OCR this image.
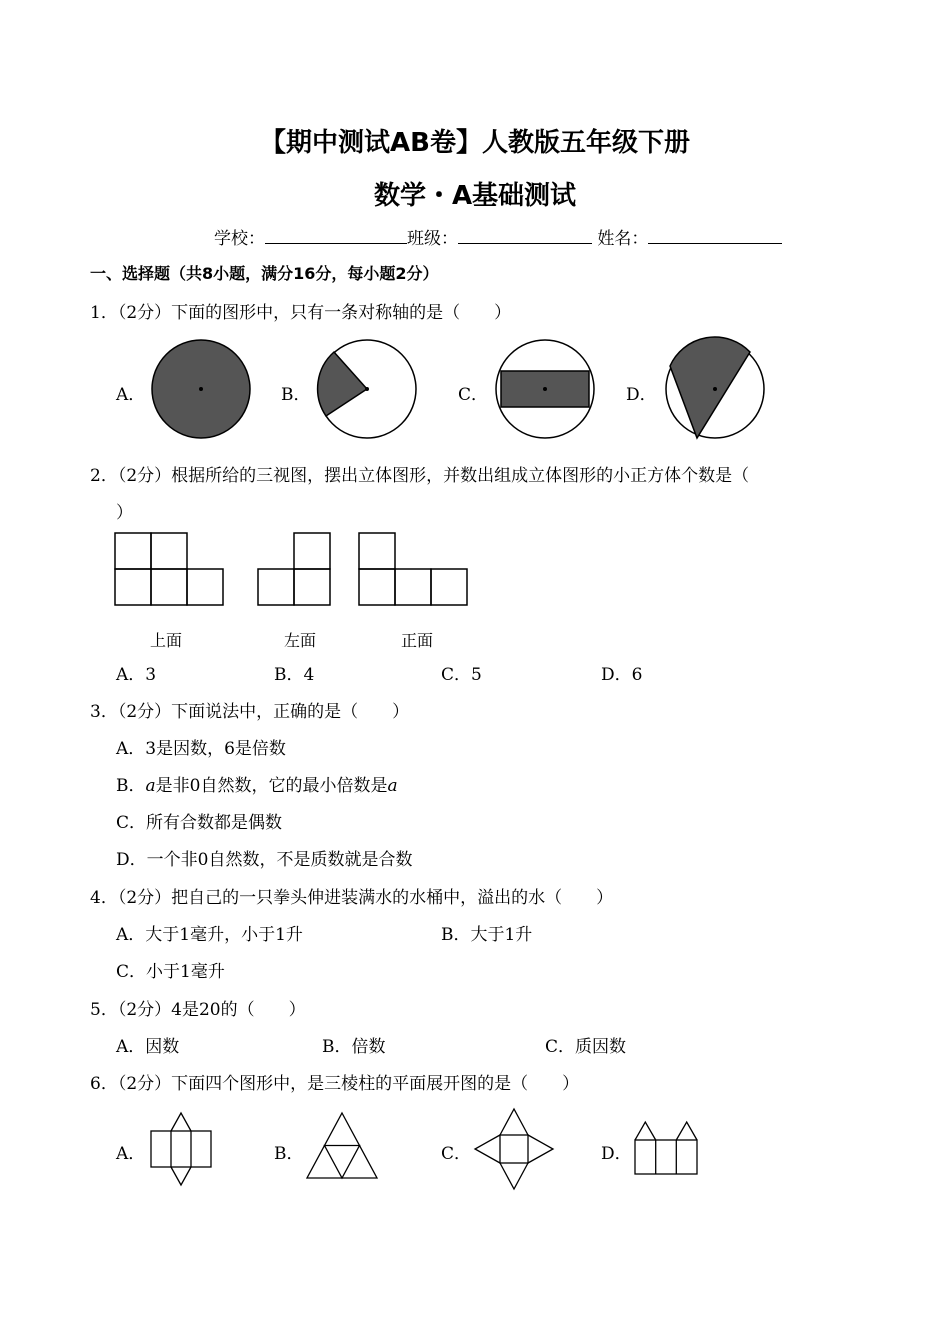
【期中测试AB卷】人教版五年级下册
数学・A基础测试
学校：	班级：	姓名：
一、选择题（共8小题，满分16分，每小题2分）
1．（2分）下面的图形中，只有一条对称轴的是（　　）
A．	B．	C．	D．
2．（2分）根据所给的三视图，摆出立体图形，并数出组成立体图形的小正方体个数是（
）
上面	左面	正面
A．3	B．4	C．5	D．6
3．（2分）下面说法中，正确的是（　　）
A．3是因数，6是倍数
B．a是非0自然数，它的最小倍数是a
C．所有合数都是偶数
D．一个非0自然数，不是质数就是合数
4．（2分）把自己的一只拳头伸进装满水的水桶中，溢出的水（　　）
A．大于1毫升，小于1升	B．大于1升
C．小于1毫升
5．（2分）4是20的（　　）
A．因数	B．倍数	C．质因数
6．（2分）下面四个图形中，是三棱柱的平面展开图的是（　　）
A．	B．	C．	D．
